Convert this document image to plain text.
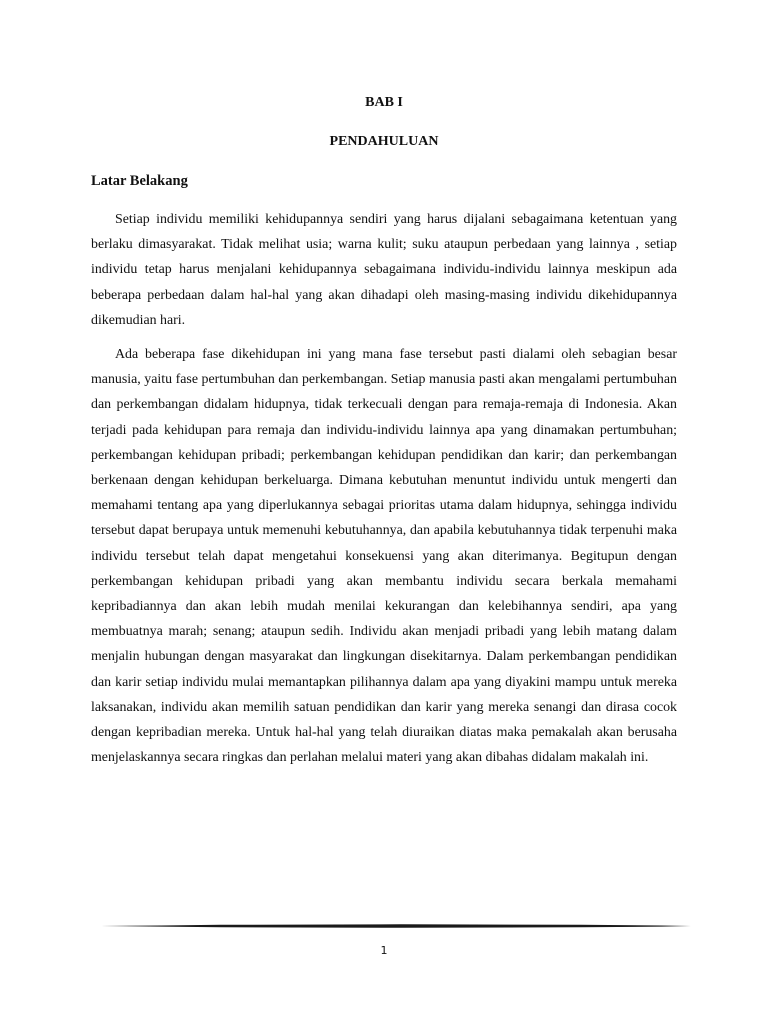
BAB I
PENDAHULUAN
Latar Belakang

Setiap individu memiliki kehidupannya sendiri yang harus dijalani sebagaimana ketentuan yang berlaku dimasyarakat. Tidak melihat usia; warna kulit; suku ataupun perbedaan yang lainnya , setiap individu tetap harus menjalani kehidupannya sebagaimana individu-individu lainnya meskipun ada beberapa perbedaan dalam hal-hal yang akan dihadapi oleh masing-masing individu dikehidupannya dikemudian hari.

Ada beberapa fase dikehidupan ini yang mana fase tersebut pasti dialami oleh sebagian besar manusia, yaitu fase pertumbuhan dan perkembangan. Setiap manusia pasti akan mengalami pertumbuhan dan perkembangan didalam hidupnya, tidak terkecuali dengan para remaja-remaja di Indonesia. Akan terjadi pada kehidupan para remaja dan individu-individu lainnya apa yang dinamakan pertumbuhan; perkembangan kehidupan pribadi; perkembangan kehidupan pendidikan dan karir; dan perkembangan berkenaan dengan kehidupan berkeluarga. Dimana kebutuhan menuntut individu untuk mengerti dan memahami tentang apa yang diperlukannya sebagai prioritas utama dalam hidupnya, sehingga individu tersebut dapat berupaya untuk memenuhi kebutuhannya, dan apabila kebutuhannya tidak terpenuhi maka individu tersebut telah dapat mengetahui konsekuensi yang akan diterimanya. Begitupun dengan perkembangan kehidupan pribadi yang akan membantu individu secara berkala memahami kepribadiannya dan akan lebih mudah menilai kekurangan dan kelebihannya sendiri, apa yang membuatnya marah; senang; ataupun sedih. Individu akan menjadi pribadi yang lebih matang dalam menjalin hubungan dengan masyarakat dan lingkungan disekitarnya. Dalam perkembangan pendidikan dan karir setiap individu mulai memantapkan pilihannya dalam apa yang diyakini mampu untuk mereka laksanakan, individu akan memilih satuan pendidikan dan karir yang mereka senangi dan dirasa cocok dengan kepribadian mereka. Untuk hal-hal yang telah diuraikan diatas maka pemakalah akan berusaha menjelaskannya secara ringkas dan perlahan melalui materi yang akan dibahas didalam makalah ini.

1
